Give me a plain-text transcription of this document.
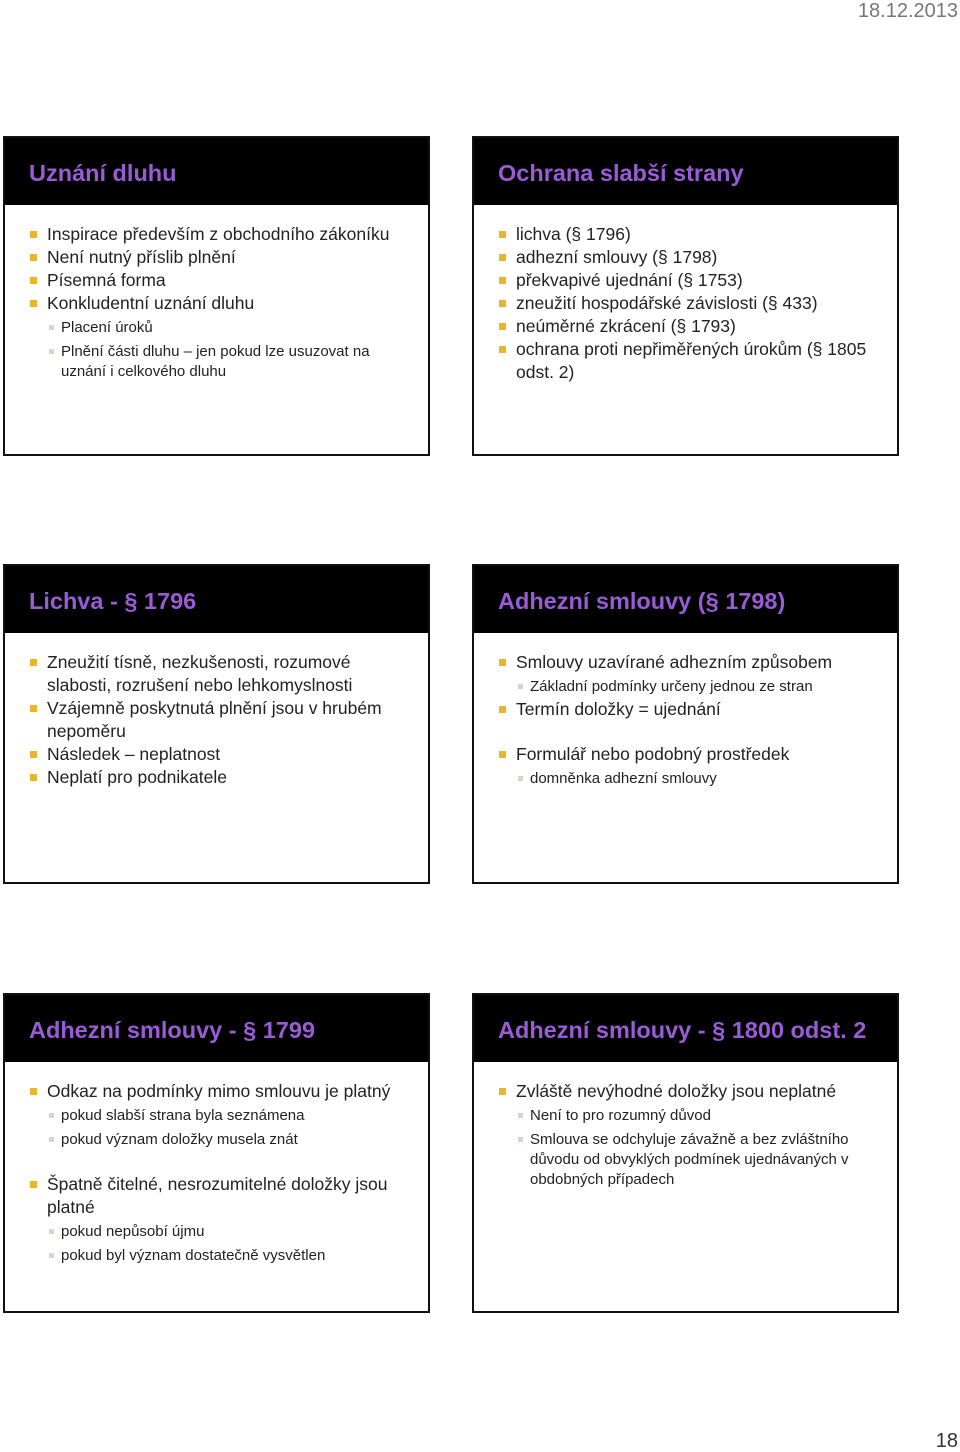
18.12.2013
Uznání dluhu
Inspirace především z obchodního zákoníku
Není nutný příslib plnění
Písemná forma
Konkludentní uznání dluhu
Placení úroků
Plnění části dluhu – jen pokud lze usuzovat na uznání i celkového dluhu
Ochrana slabší strany
lichva (§ 1796)
adhezní smlouvy (§ 1798)
překvapivé ujednání (§ 1753)
zneužití hospodářské závislosti (§ 433)
neúměrné zkrácení (§ 1793)
ochrana proti nepřiměřených úrokům (§ 1805 odst. 2)
Lichva - § 1796
Zneužití tísně, nezkušenosti, rozumové slabosti, rozrušení nebo lehkomyslnosti
Vzájemně poskytnutá plnění jsou v hrubém nepoměru
Následek – neplatnost
Neplatí pro podnikatele
Adhezní smlouvy (§ 1798)
Smlouvy uzavírané adhezním způsobem
Základní podmínky určeny jednou ze stran
Termín doložky = ujednání
Formulář nebo podobný prostředek
domněnka adhezní smlouvy
Adhezní smlouvy - § 1799
Odkaz na podmínky mimo smlouvu je platný
pokud slabší strana byla seznámena
pokud význam doložky musela znát
Špatně čitelné, nesrozumitelné doložky jsou platné
pokud nepůsobí újmu
pokud byl význam dostatečně vysvětlen
Adhezní smlouvy - § 1800 odst. 2
Zvláště nevýhodné doložky jsou neplatné
Není to pro rozumný důvod
Smlouva se odchyluje závažně a bez zvláštního důvodu od obvyklých podmínek ujednávaných v obdobných případech
18
